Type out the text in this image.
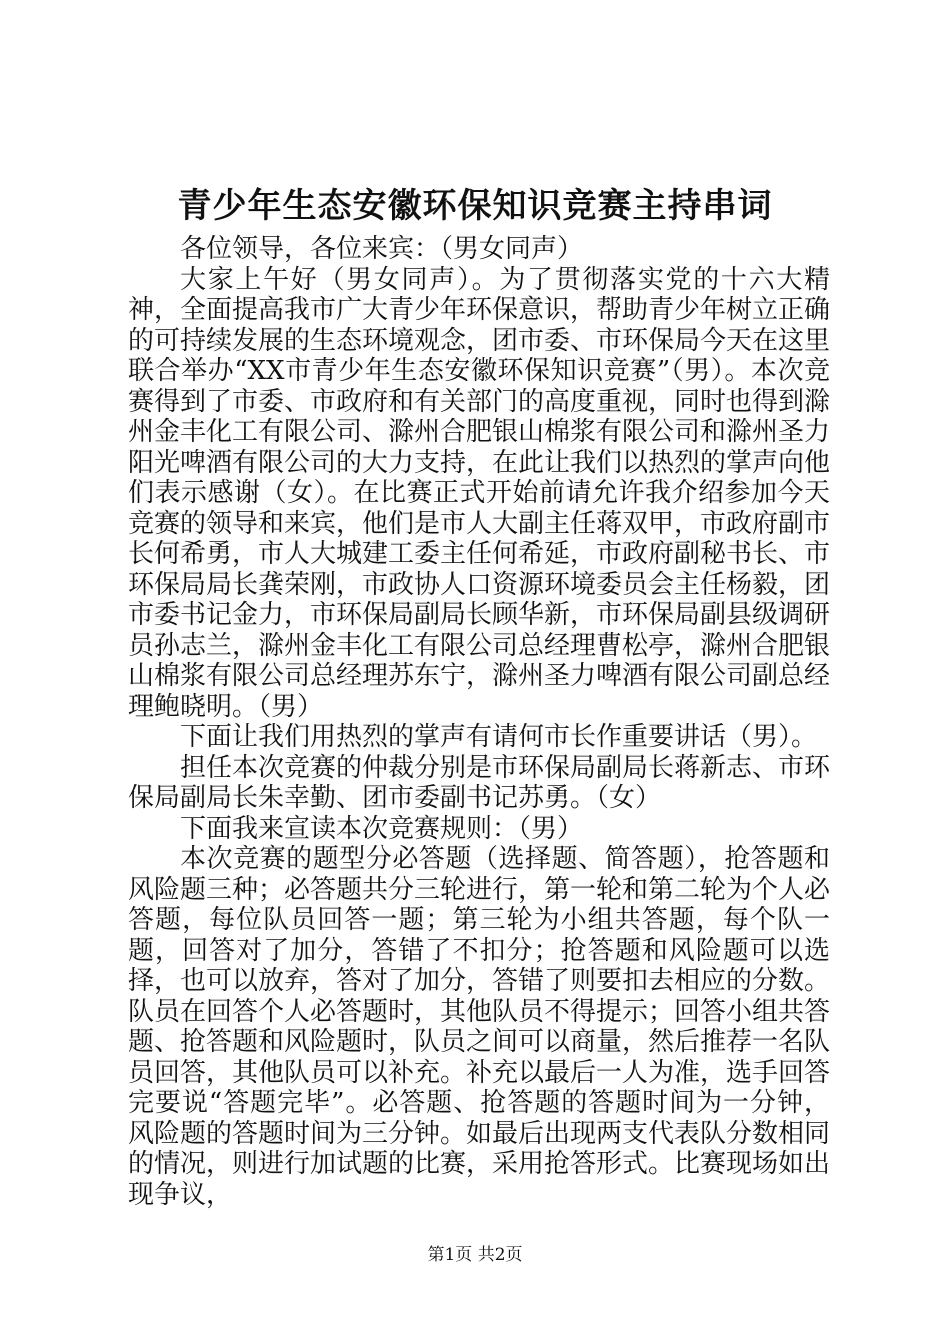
青少年生态安徽环保知识竞赛主持串词

各位领导，各位来宾：（男女同声）

大家上午好（男女同声）。为了贯彻落实党的十六大精神，全面提高我市广大青少年环保意识，帮助青少年树立正确的可持续发展的生态环境观念，团市委、市环保局今天在这里联合举办“XX市青少年生态安徽环保知识竞赛”（男）。本次竞赛得到了市委、市政府和有关部门的高度重视，同时也得到滁州金丰化工有限公司、滁州合肥银山棉浆有限公司和滁州圣力阳光啤酒有限公司的大力支持，在此让我们以热烈的掌声向他们表示感谢（女）。在比赛正式开始前请允许我介绍参加今天竞赛的领导和来宾，他们是市人大副主任蒋双甲，市政府副市长何希勇，市人大城建工委主任何希延，市政府副秘书长、市环保局局长龚荣刚，市政协人口资源环境委员会主任杨毅，团市委书记金力，市环保局副局长顾华新，市环保局副县级调研员孙志兰，滁州金丰化工有限公司总经理曹松亭，滁州合肥银山棉浆有限公司总经理苏东宁，滁州圣力啤酒有限公司副总经理鲍晓明。（男）

下面让我们用热烈的掌声有请何市长作重要讲话（男）。

担任本次竞赛的仲裁分别是市环保局副局长蒋新志、市环保局副局长朱幸勤、团市委副书记苏勇。（女）

下面我来宣读本次竞赛规则：（男）

本次竞赛的题型分必答题（选择题、简答题），抢答题和风险题三种；必答题共分三轮进行，第一轮和第二轮为个人必答题，每位队员回答一题；第三轮为小组共答题，每个队一题，回答对了加分，答错了不扣分；抢答题和风险题可以选择，也可以放弃，答对了加分，答错了则要扣去相应的分数。队员在回答个人必答题时，其他队员不得提示；回答小组共答题、抢答题和风险题时，队员之间可以商量，然后推荐一名队员回答，其他队员可以补充。补充以最后一人为准，选手回答完要说“答题完毕”。必答题、抢答题的答题时间为一分钟，风险题的答题时间为三分钟。如最后出现两支代表队分数相同的情况，则进行加试题的比赛，采用抢答形式。比赛现场如出现争议，

第1页 共2页
